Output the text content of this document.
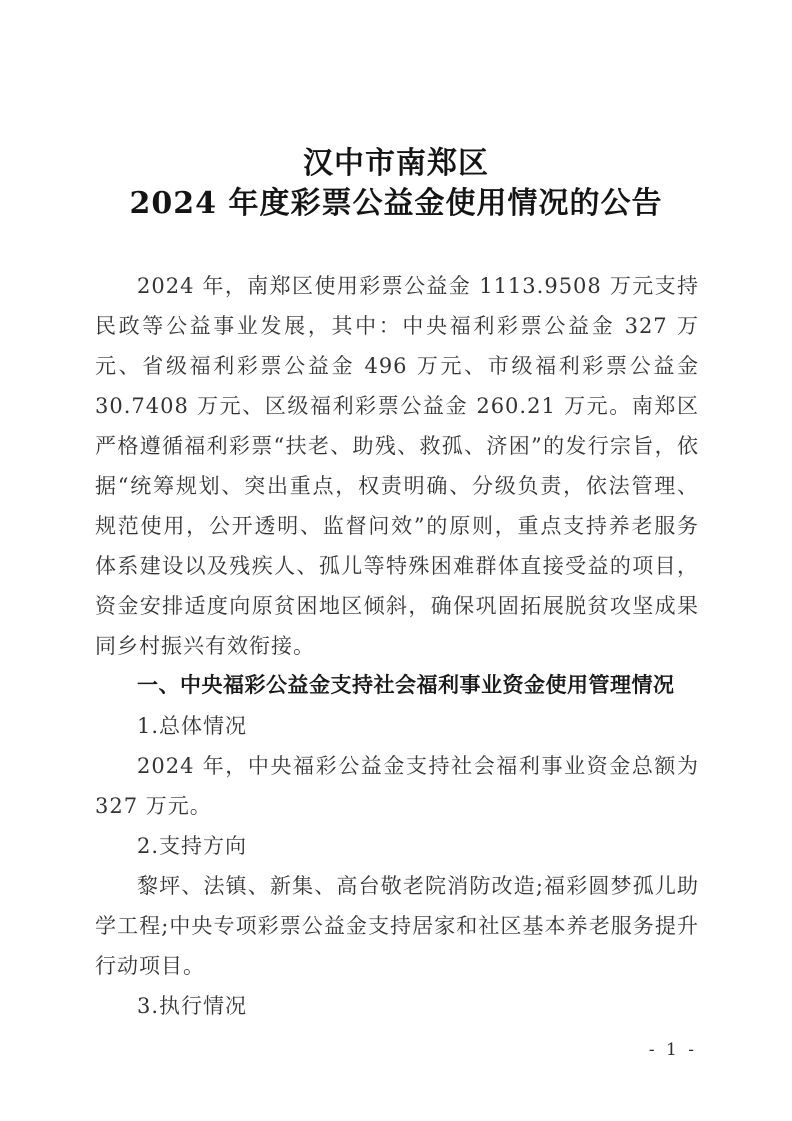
汉中市南郑区
2024 年度彩票公益金使用情况的公告

2024 年，南郑区使用彩票公益金 1113.9508 万元支持民政等公益事业发展，其中：中央福利彩票公益金 327 万元、省级福利彩票公益金 496 万元、市级福利彩票公益金 30.7408 万元、区级福利彩票公益金 260.21 万元。南郑区严格遵循福利彩票“扶老、助残、救孤、济困”的发行宗旨，依据“统筹规划、突出重点，权责明确、分级负责，依法管理、规范使用，公开透明、监督问效”的原则，重点支持养老服务体系建设以及残疾人、孤儿等特殊困难群体直接受益的项目，资金安排适度向原贫困地区倾斜，确保巩固拓展脱贫攻坚成果同乡村振兴有效衔接。

一、中央福彩公益金支持社会福利事业资金使用管理情况

1.总体情况

2024 年，中央福彩公益金支持社会福利事业资金总额为 327 万元。

2.支持方向

黎坪、法镇、新集、高台敬老院消防改造;福彩圆梦孤儿助学工程;中央专项彩票公益金支持居家和社区基本养老服务提升行动项目。

3.执行情况

- 1 -
